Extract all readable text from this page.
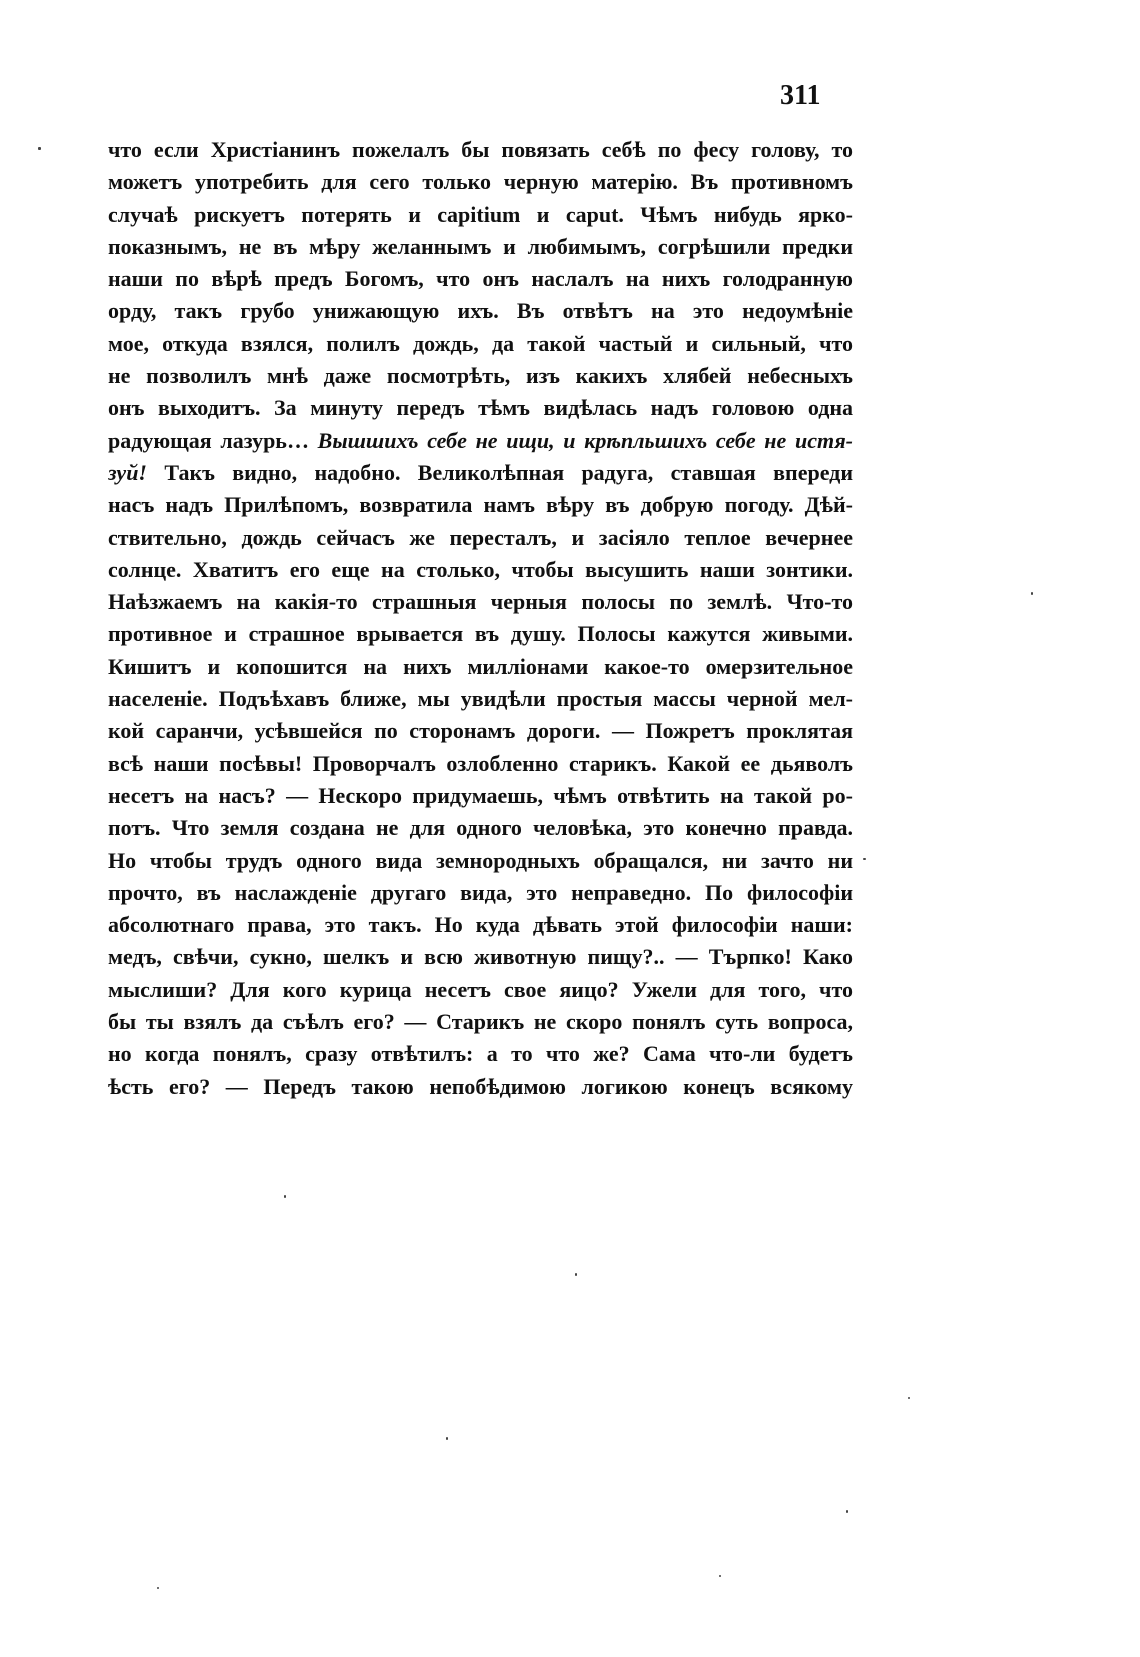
311
что если Христіанинъ пожелалъ бы повязать себѣ по фесу голову, то
можетъ употребить для сего только черную матерію. Въ противномъ
случаѣ рискуетъ потерять и capitium и caput. Чѣмъ нибудь ярко-
показнымъ, не въ мѣру желаннымъ и любимымъ, согрѣшили предки
наши по вѣрѣ предъ Богомъ, что онъ наслалъ на нихъ голодранную
орду, такъ грубо унижающую ихъ. Въ отвѣтъ на это недоумѣніе
мое, откуда взялся, полилъ дождь, да такой частый и сильный, что
не позволилъ мнѣ даже посмотрѣть, изъ какихъ хлябей небесныхъ
онъ выходитъ. За минуту передъ тѣмъ видѣлась надъ головою одна
радующая лазурь… Вышшихъ себе не ищи, и крѣпльшихъ себе не истя-
зуй! Такъ видно, надобно. Великолѣпная радуга, ставшая впереди
насъ надъ Прилѣпомъ, возвратила намъ вѣру въ добрую погоду. Дѣй-
ствительно, дождь сейчасъ же пересталъ, и засіяло теплое вечернее
солнце. Хватитъ его еще на столько, чтобы высушить наши зонтики.
Наѣзжаемъ на какія-то страшныя черныя полосы по землѣ. Что-то
противное и страшное врывается въ душу. Полосы кажутся живыми.
Кишитъ и копошится на нихъ милліонами какое-то омерзительное
населеніе. Подъѣхавъ ближе, мы увидѣли простыя массы черной мел-
кой саранчи, усѣвшейся по сторонамъ дороги. — Пожретъ проклятая
всѣ наши посѣвы! Проворчалъ озлобленно старикъ. Какой ее дьяволъ
несетъ на насъ? — Нескоро придумаешь, чѣмъ отвѣтить на такой ро-
потъ. Что земля создана не для одного человѣка, это конечно правда.
Но чтобы трудъ одного вида земнородныхъ обращался, ни зачто ни
прочто, въ наслажденіе другаго вида, это неправедно. По философіи
абсолютнаго права, это такъ. Но куда дѣвать этой философіи наши:
медъ, свѣчи, сукно, шелкъ и всю животную пищу?.. — Търпко! Како
мыслиши? Для кого курица несетъ свое яицо? Ужели для того, что
бы ты взялъ да съѣлъ его? — Старикъ не скоро понялъ суть вопроса,
но когда понялъ, сразу отвѣтилъ: а то что же? Сама что-ли будетъ
ѣсть его? — Передъ такою непобѣдимою логикою конецъ всякому
